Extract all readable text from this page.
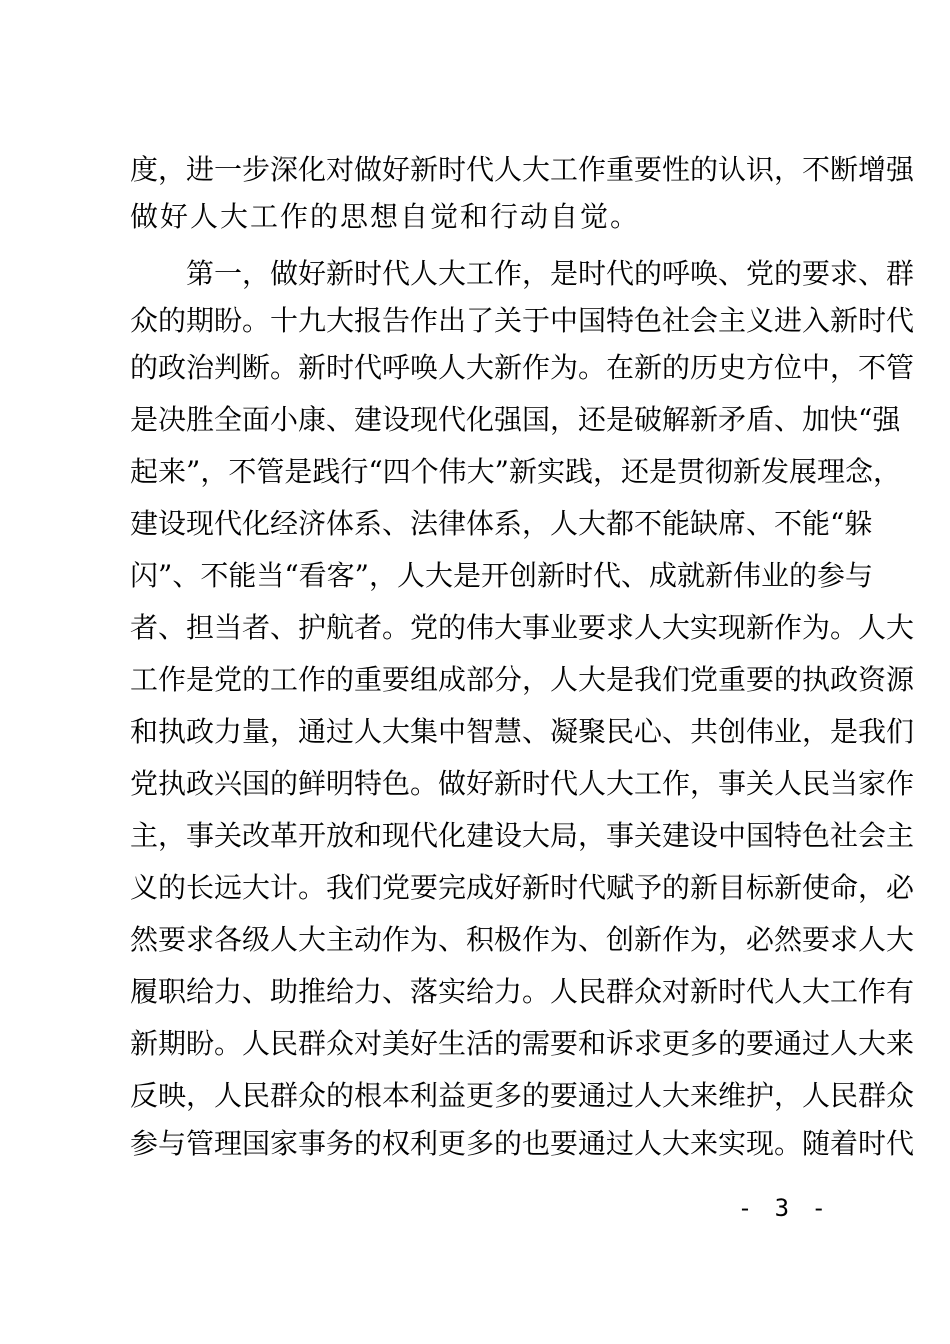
度，进一步深化对做好新时代人大工作重要性的认识，不断增强
做好人大工作的思想自觉和行动自觉。
第一，做好新时代人大工作，是时代的呼唤、党的要求、群
众的期盼。十九大报告作出了关于中国特色社会主义进入新时代
的政治判断。新时代呼唤人大新作为。在新的历史方位中，不管
是决胜全面小康、建设现代化强国，还是破解新矛盾、加快“强
起来”，不管是践行“四个伟大”新实践，还是贯彻新发展理念，
建设现代化经济体系、法律体系，人大都不能缺席、不能“躲
闪”、不能当“看客”，人大是开创新时代、成就新伟业的参与
者、担当者、护航者。党的伟大事业要求人大实现新作为。人大
工作是党的工作的重要组成部分，人大是我们党重要的执政资源
和执政力量，通过人大集中智慧、凝聚民心、共创伟业，是我们
党执政兴国的鲜明特色。做好新时代人大工作，事关人民当家作
主，事关改革开放和现代化建设大局，事关建设中国特色社会主
义的长远大计。我们党要完成好新时代赋予的新目标新使命，必
然要求各级人大主动作为、积极作为、创新作为，必然要求人大
履职给力、助推给力、落实给力。人民群众对新时代人大工作有
新期盼。人民群众对美好生活的需要和诉求更多的要通过人大来
反映，人民群众的根本利益更多的要通过人大来维护，人民群众
参与管理国家事务的权利更多的也要通过人大来实现。随着时代
- 3 -
